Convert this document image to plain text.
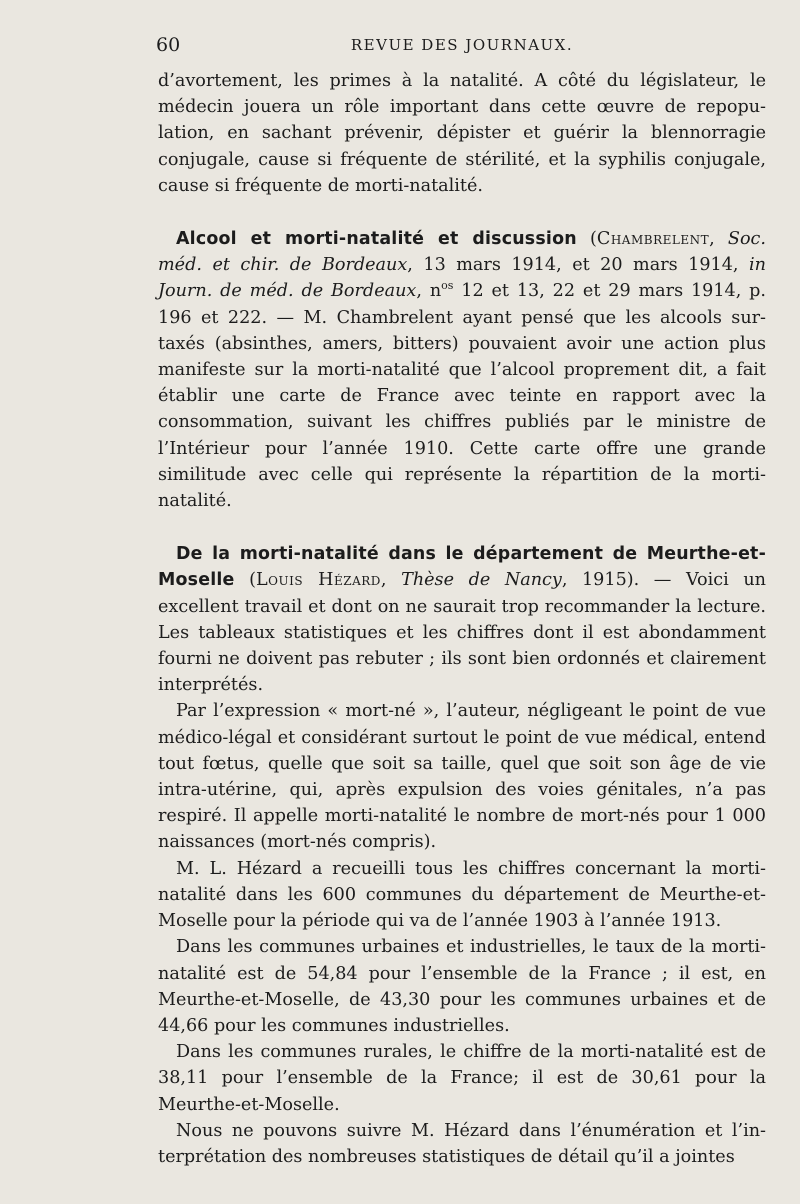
60	REVUE DES JOURNAUX.

d’avortement, les primes à la natalité. A côté du législateur, le médecin jouera un rôle important dans cette œuvre de repopu-lation, en sachant prévenir, dépister et guérir la blennorragie conjugale, cause si fréquente de stérilité, et la syphilis conjugale, cause si fréquente de morti-natalité.

Alcool et morti-natalité et discussion (Chambrelent, Soc. méd. et chir. de Bordeaux, 13 mars 1914, et 20 mars 1914, in Journ. de méd. de Bordeaux, $n^{os}$ 12 et 13, 22 et 29 mars 1914, p. 196 et 222. — M. Chambrelent ayant pensé que les alcools sur-taxés (absinthes, amers, bitters) pouvaient avoir une action plus manifeste sur la morti-natalité que l’alcool proprement dit, a fait établir une carte de France avec teinte en rapport avec la consommation, suivant les chiffres publiés par le ministre de l’Intérieur pour l’année 1910. Cette carte offre une grande similitude avec celle qui représente la répartition de la morti-natalité.

De la morti-natalité dans le département de Meurthe-et-Moselle (Louis Hézard, Thèse de Nancy, 1915). — Voici un excellent travail et dont on ne saurait trop recommander la lecture. Les tableaux statistiques et les chiffres dont il est abondamment fourni ne doivent pas rebuter ; ils sont bien ordonnés et clairement interprétés.

Par l’expression « mort-né », l’auteur, négligeant le point de vue médico-légal et considérant surtout le point de vue médical, entend tout fœtus, quelle que soit sa taille, quel que soit son âge de vie intra-utérine, qui, après expulsion des voies génitales, n’a pas respiré. Il appelle morti-natalité le nombre de mort-nés pour 1 000 naissances (mort-nés compris).

M. L. Hézard a recueilli tous les chiffres concernant la morti-natalité dans les 600 communes du département de Meurthe-et-Moselle pour la période qui va de l’année 1903 à l’année 1913.

Dans les communes urbaines et industrielles, le taux de la morti-natalité est de 54,84 pour l’ensemble de la France ; il est, en Meurthe-et-Moselle, de 43,30 pour les communes urbaines et de 44,66 pour les communes industrielles.

Dans les communes rurales, le chiffre de la morti-natalité est de 38,11 pour l’ensemble de la France; il est de 30,61 pour la Meurthe-et-Moselle.

Nous ne pouvons suivre M. Hézard dans l’énumération et l’in-terprétation des nombreuses statistiques de détail qu’il a jointes
